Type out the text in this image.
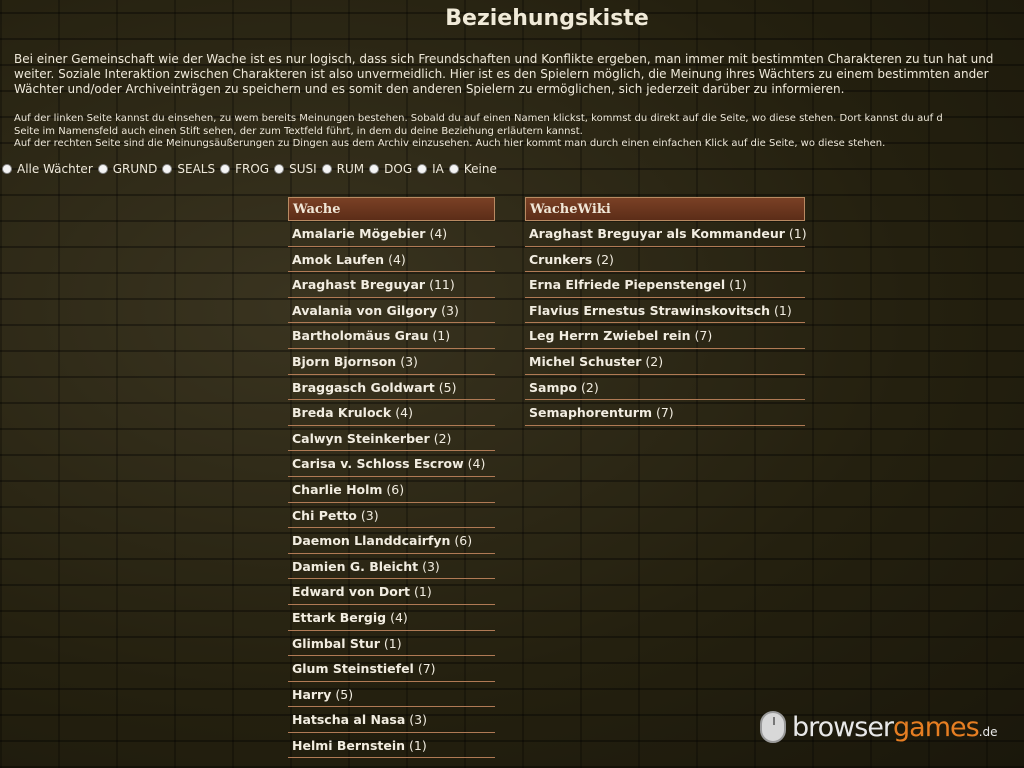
Beziehungskiste
Bei einer Gemeinschaft wie der Wache ist es nur logisch, dass sich Freundschaften und Konflikte ergeben, man immer mit bestimmten Charakteren zu tun hat und
weiter. Soziale Interaktion zwischen Charakteren ist also unvermeidlich. Hier ist es den Spielern möglich, die Meinung ihres Wächters zu einem bestimmten ander
Wächter und/oder Archiveinträgen zu speichern und es somit den anderen Spielern zu ermöglichen, sich jederzeit darüber zu informieren.
Auf der linken Seite kannst du einsehen, zu wem bereits Meinungen bestehen. Sobald du auf einen Namen klickst, kommst du direkt auf die Seite, wo diese stehen. Dort kannst du auf d
Seite im Namensfeld auch einen Stift sehen, der zum Textfeld führt, in dem du deine Beziehung erläutern kannst.
Auf der rechten Seite sind die Meinungsäußerungen zu Dingen aus dem Archiv einzusehen. Auch hier kommt man durch einen einfachen Klick auf die Seite, wo diese stehen.
Alle Wächter GRUND SEALS FROG SUSI RUM DOG IA Keine
Wache
Amalarie Mögebier (4)
Amok Laufen (4)
Araghast Breguyar (11)
Avalania von Gilgory (3)
Bartholomäus Grau (1)
Bjorn Bjornson (3)
Braggasch Goldwart (5)
Breda Krulock (4)
Calwyn Steinkerber (2)
Carisa v. Schloss Escrow (4)
Charlie Holm (6)
Chi Petto (3)
Daemon Llanddcairfyn (6)
Damien G. Bleicht (3)
Edward von Dort (1)
Ettark Bergig (4)
Glimbal Stur (1)
Glum Steinstiefel (7)
Harry (5)
Hatscha al Nasa (3)
Helmi Bernstein (1)
WacheWiki
Araghast Breguyar als Kommandeur (1)
Crunkers (2)
Erna Elfriede Piepenstengel (1)
Flavius Ernestus Strawinskovitsch (1)
Leg Herrn Zwiebel rein (7)
Michel Schuster (2)
Sampo (2)
Semaphorenturm (7)
browser games .de
